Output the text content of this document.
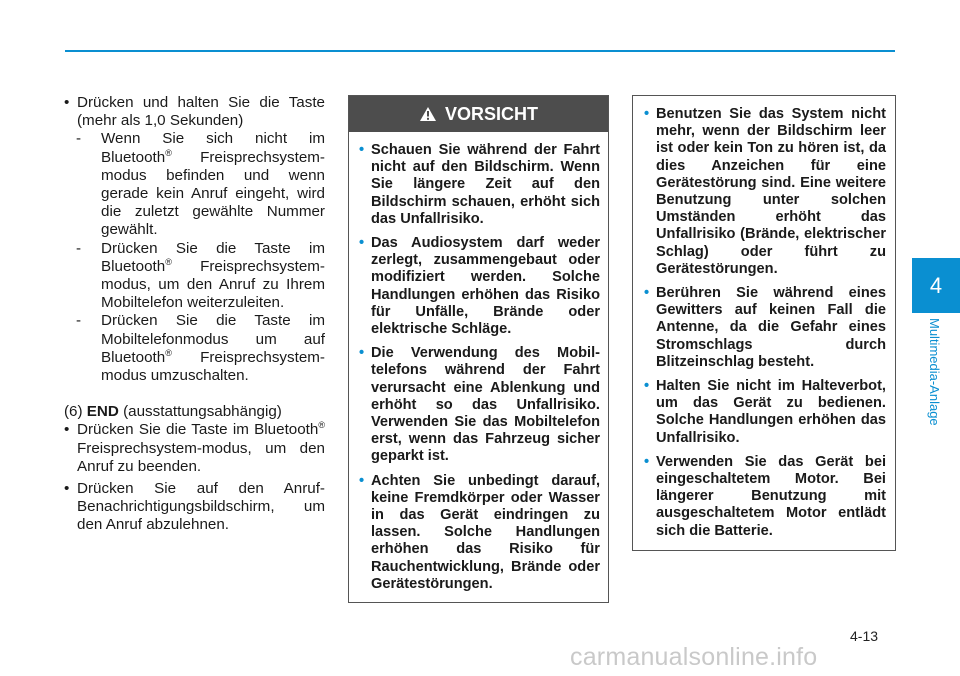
• Drücken und halten Sie die Taste (mehr als 1,0 Sekunden)
- Wenn Sie sich nicht im Bluetooth® Freisprechsystem-modus befinden und wenn gerade kein Anruf eingeht, wird die zuletzt gewählte Nummer gewählt.
- Drücken Sie die Taste im Bluetooth® Freisprechsystem-modus, um den Anruf zu Ihrem Mobiltelefon weiterzuleiten.
- Drücken Sie die Taste im Mobiltelefonmodus um auf Bluetooth® Freisprechsystem-modus umzuschalten.
(6) END (ausstattungsabhängig)
• Drücken Sie die Taste im Bluetooth® Freisprechsystem-modus, um den Anruf zu beenden.
• Drücken Sie auf den Anruf-Benachrichtigungsbildschirm, um den Anruf abzulehnen.
VORSICHT
• Schauen Sie während der Fahrt nicht auf den Bildschirm. Wenn Sie längere Zeit auf den Bildschirm schauen, erhöht sich das Unfallrisiko.
• Das Audiosystem darf weder zerlegt, zusammengebaut oder modifiziert werden. Solche Handlungen erhöhen das Risiko für Unfälle, Brände oder elektrische Schläge.
• Die Verwendung des Mobil-telefons während der Fahrt verursacht eine Ablenkung und erhöht so das Unfallrisiko. Verwenden Sie das Mobiltelefon erst, wenn das Fahrzeug sicher geparkt ist.
• Achten Sie unbedingt darauf, keine Fremdkörper oder Wasser in das Gerät eindringen zu lassen. Solche Handlungen erhöhen das Risiko für Rauchentwicklung, Brände oder Gerätestörungen.
• Benutzen Sie das System nicht mehr, wenn der Bildschirm leer ist oder kein Ton zu hören ist, da dies Anzeichen für eine Gerätestörung sind. Eine weitere Benutzung unter solchen Umständen erhöht das Unfallrisiko (Brände, elektrischer Schlag) oder führt zu Gerätestörungen.
• Berühren Sie während eines Gewitters auf keinen Fall die Antenne, da die Gefahr eines Stromschlags durch Blitzeinschlag besteht.
• Halten Sie nicht im Halteverbot, um das Gerät zu bedienen. Solche Handlungen erhöhen das Unfallrisiko.
• Verwenden Sie das Gerät bei eingeschaltetem Motor. Bei längerer Benutzung mit ausgeschaltetem Motor entlädt sich die Batterie.
4
Multimedia-Anlage
4-13
carmanualsonline.info
